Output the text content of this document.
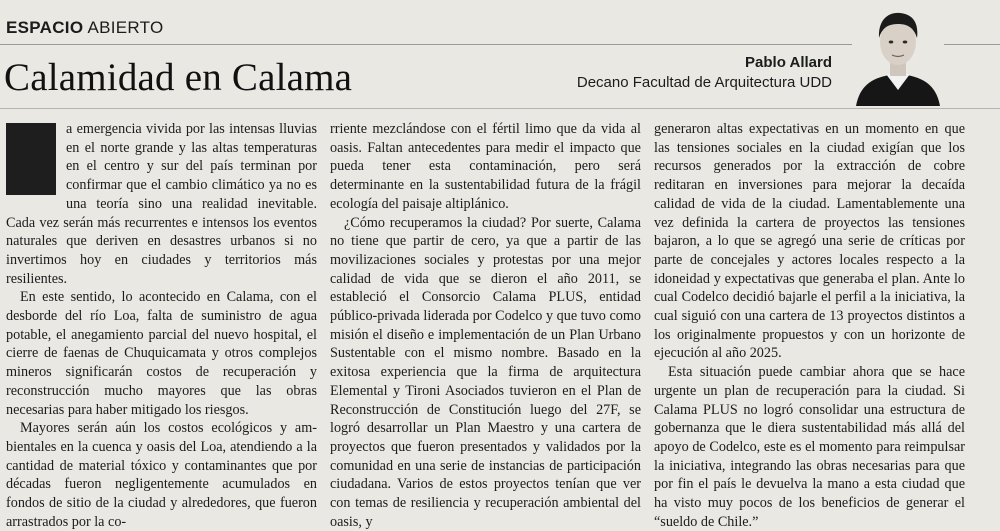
ESPACIO ABIERTO
Calamidad en Calama	Pablo Allard
Decano Facultad de Arquitectura UDD

a emergencia vivida por las intensas lluvias en el norte grande y las altas temperaturas en el centro y sur del país terminan por confirmar que el cambio climático ya no es una teoría sino una realidad inevitable. Cada vez serán más recurrentes e intensos los eventos naturales que deriven en desastres urbanos si no invertimos hoy en ciudades y territorios más resilientes.

En este sentido, lo acontecido en Calama, con el desborde del río Loa, falta de suministro de agua potable, el anegamiento parcial del nuevo hospital, el cierre de faenas de Chuquicamata y otros complejos mineros significarán costos de recuperación y reconstrucción mucho mayores que las obras necesarias para haber mitigado los riesgos.

Mayores serán aún los costos ecológicos y ambientales en la cuenca y oasis del Loa, atendiendo a la cantidad de material tóxico y contaminantes que por décadas fueron negligentemente acumulados en fondos de sitio de la ciudad y alrededores, que fueron arrastrados por la co-

rriente mezclándose con el fértil limo que da vida al oasis. Faltan antecedentes para medir el impacto que pueda tener esta contaminación, pero será determinante en la sustentabilidad futura de la frágil ecología del paisaje altiplánico.

¿Cómo recuperamos la ciudad? Por suerte, Calama no tiene que partir de cero, ya que a partir de las movilizaciones sociales y protestas por una mejor calidad de vida que se dieron el año 2011, se estableció el Consorcio Calama PLUS, entidad público-privada liderada por Codelco y que tuvo como misión el diseño e implementación de un Plan Urbano Sustentable con el mismo nombre. Basado en la exitosa experiencia que la firma de arquitectura Elemental y Tironi Asociados tuvieron en el Plan de Reconstrucción de Constitución luego del 27F, se logró desarrollar un Plan Maestro y una cartera de proyectos que fueron presentados y validados por la comunidad en una serie de instancias de participación ciudadana. Varios de estos proyectos tenían que ver con temas de resiliencia y recuperación ambiental del oasis, y

generaron altas expectativas en un momento en que las tensiones sociales en la ciudad exigían que los recursos generados por la extracción de cobre reditaran en inversiones para mejorar la decaída calidad de vida de la ciudad. Lamentablemente una vez definida la cartera de proyectos las tensiones bajaron, a lo que se agregó una serie de críticas por parte de concejales y actores locales respecto a la idoneidad y expectativas que generaba el plan. Ante lo cual Codelco decidió bajarle el perfil a la iniciativa, la cual siguió con una cartera de 13 proyectos distintos a los originalmente propuestos y con un horizonte de ejecución al año 2025.

Esta situación puede cambiar ahora que se hace urgente un plan de recuperación para la ciudad. Si Calama PLUS no logró consolidar una estructura de gobernanza que le diera sustentabilidad más allá del apoyo de Codelco, este es el momento para reimpulsar la iniciativa, integrando las obras necesarias para que por fin el país le devuelva la mano a esta ciudad que ha visto muy pocos de los beneficios de generar el “sueldo de Chile.”
